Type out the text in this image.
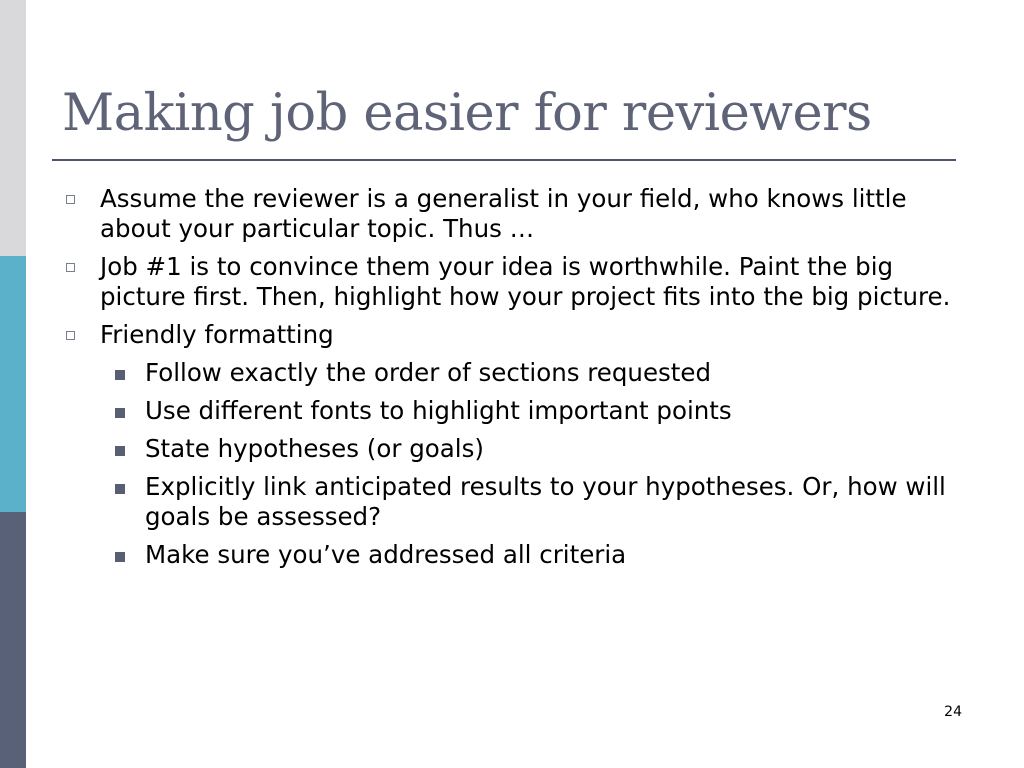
Making job easier for reviewers
Assume the reviewer is a generalist in your field, who knows little about your particular topic. Thus …
Job #1 is to convince them your idea is worthwhile. Paint the big picture first. Then, highlight how your project fits into the big picture.
Friendly formatting
Follow exactly the order of sections requested
Use different fonts to highlight important points
State hypotheses (or goals)
Explicitly link anticipated results to your hypotheses. Or, how will goals be assessed?
Make sure you’ve addressed all criteria
24
